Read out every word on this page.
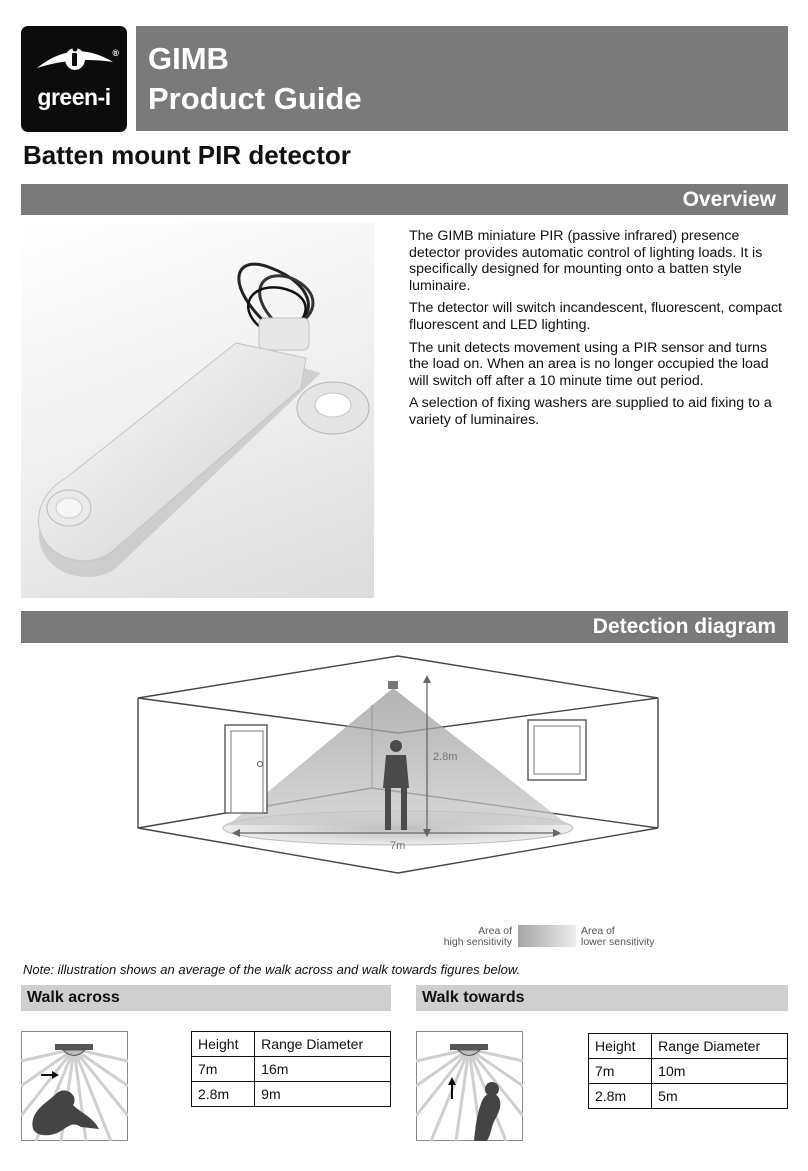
®
green-i
GIMB
Product Guide
Batten mount PIR detector
Overview

The GIMB miniature PIR (passive infrared) presence detector provides automatic control of lighting loads. It is specifically designed for mounting onto a batten style luminaire.

The detector will switch incandescent, fluorescent, compact fluorescent and LED lighting.

The unit detects movement using a PIR sensor and turns the load on. When an area is no longer occupied the load will switch off after a 10 minute time out period.

A selection of fixing washers are supplied to aid fixing to a variety of luminaires.

Detection diagram
2.8m
7m
Area of
high sensitivity
Area of
lower sensitivity
Note: illustration shows an average of the walk across and walk towards figures below.
Walk across
Height	Range Diameter
7m	16m
2.8m	9m
Walk towards
Height	Range Diameter
7m	10m
2.8m	5m
